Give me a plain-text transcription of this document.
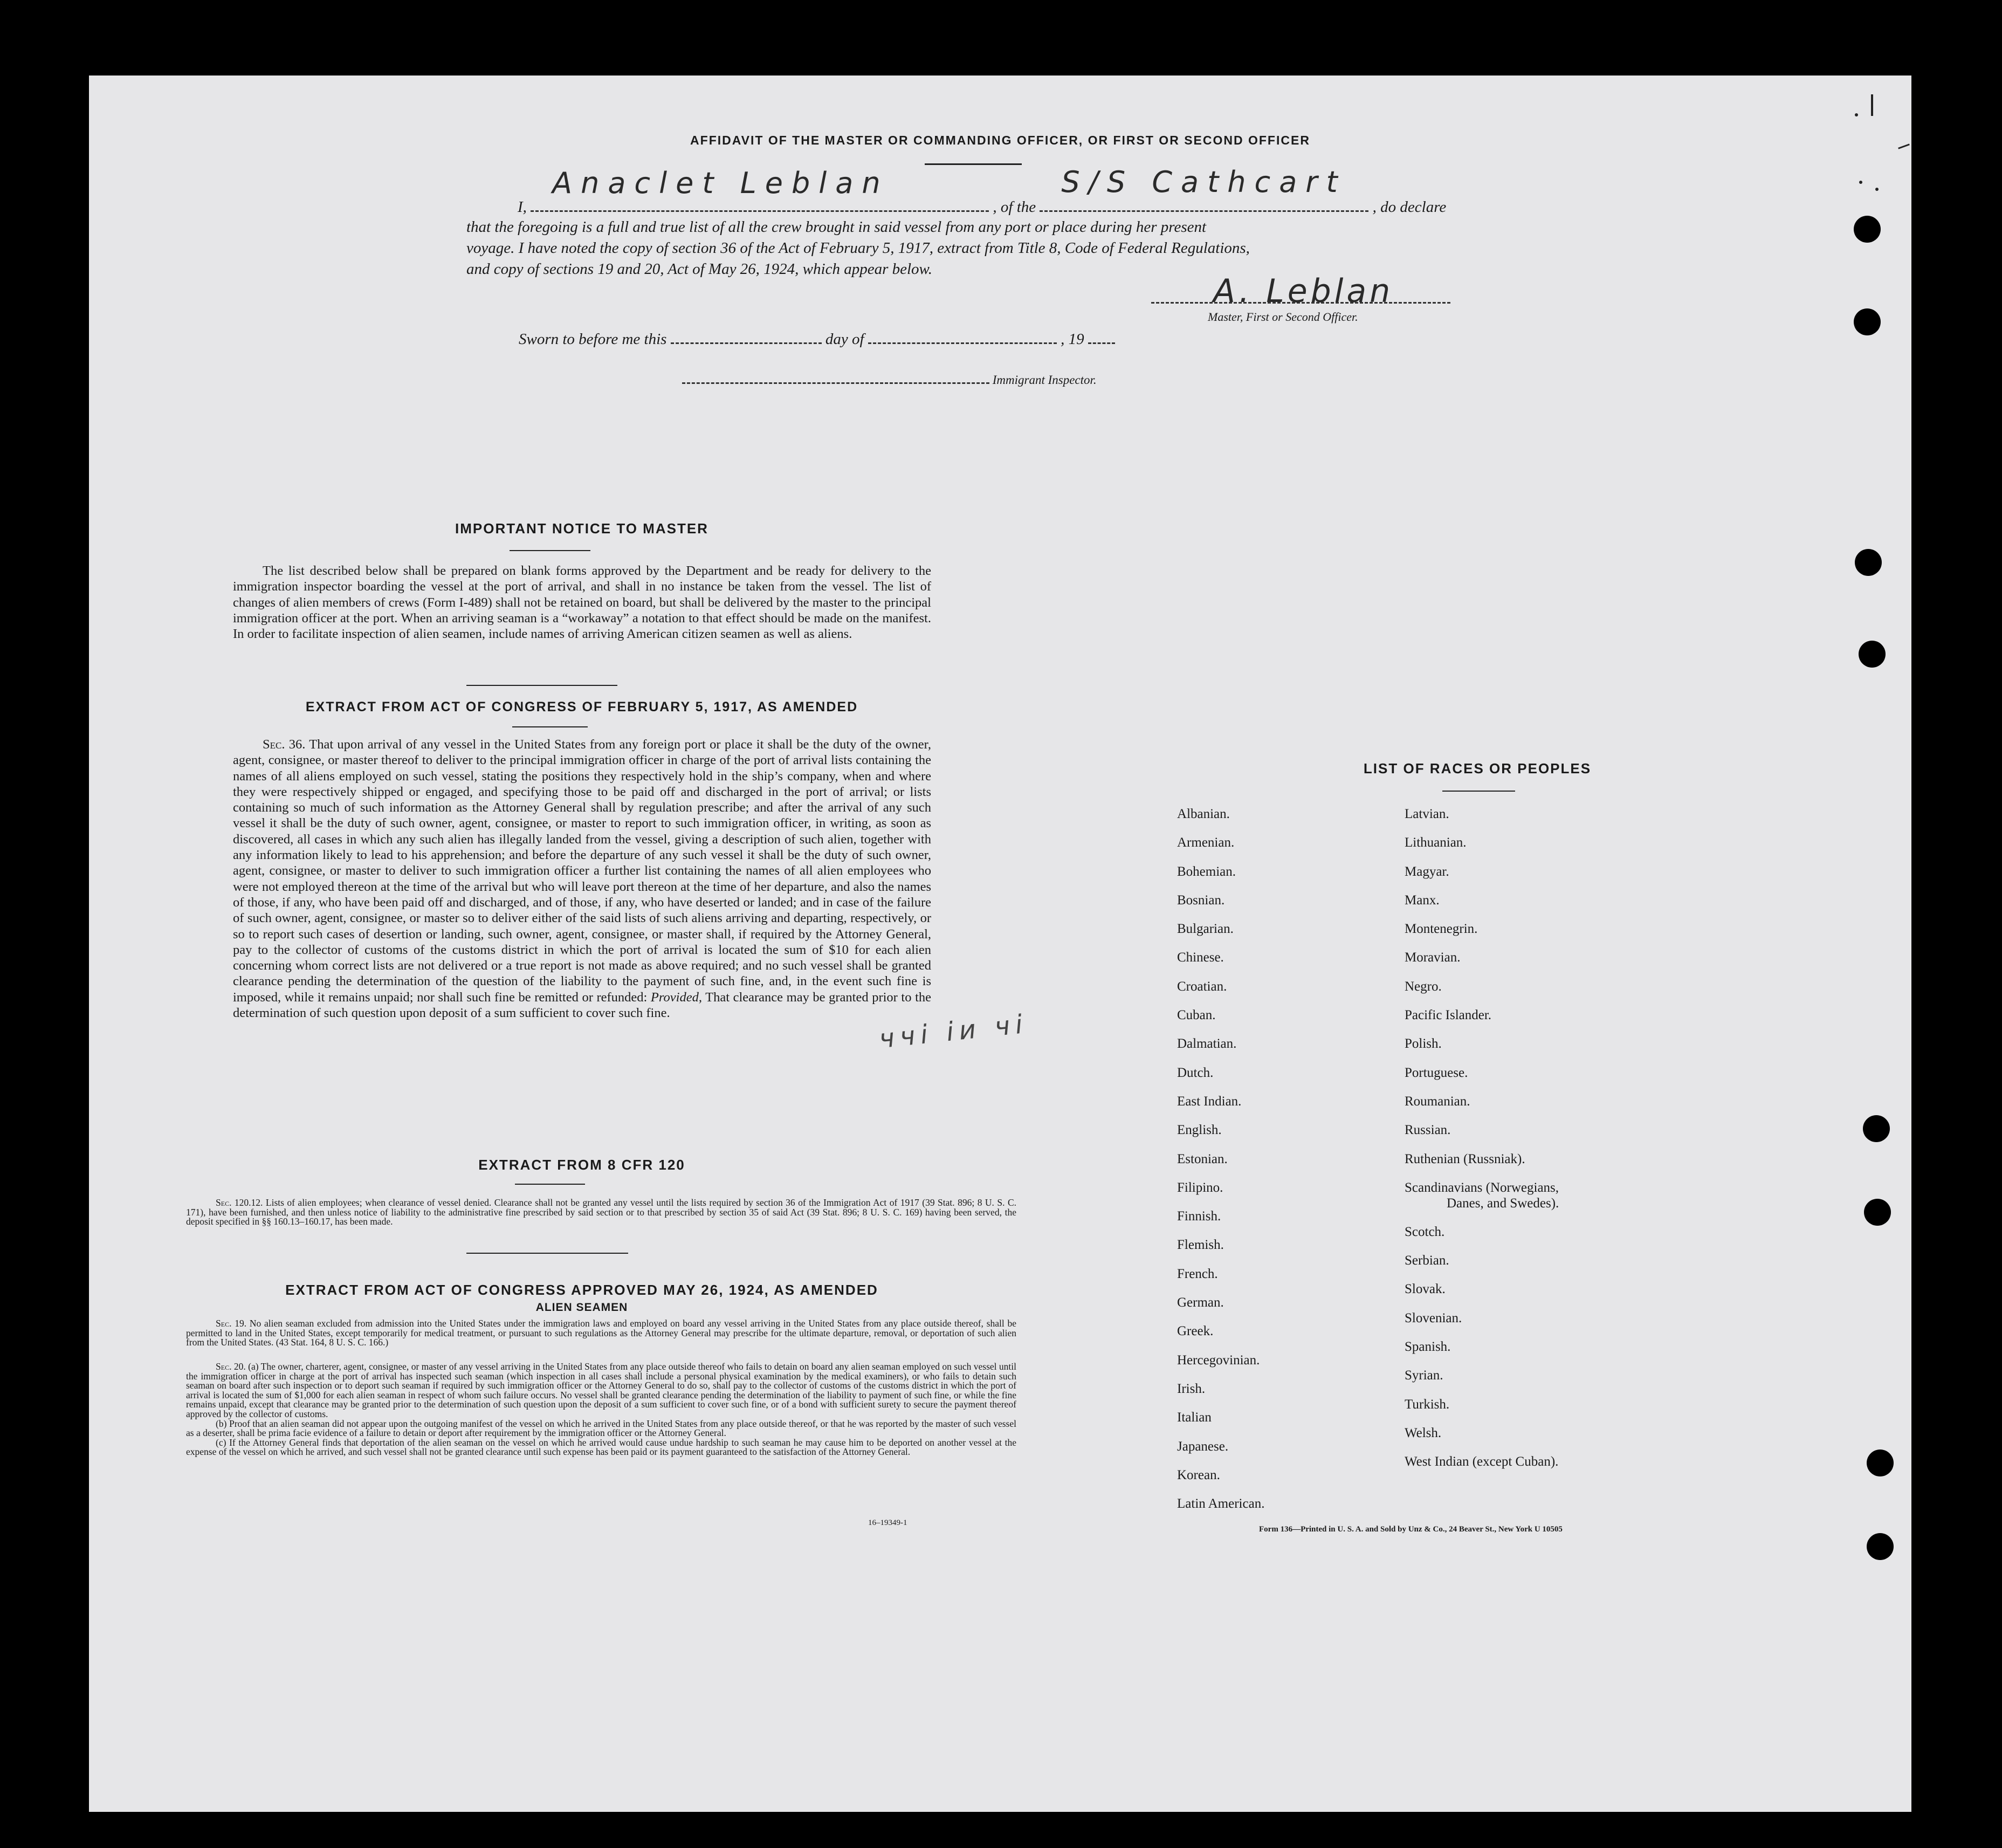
AFFIDAVIT OF THE MASTER OR COMMANDING OFFICER, OR FIRST OR SECOND OFFICER
I,
Anaclet Leblan
, of the
S/S Cathcart
, do declare
that the foregoing is a full and true list of all the crew brought in said vessel from any port or place during her present
voyage. I have noted the copy of section 36 of the Act of February 5, 1917, extract from Title 8, Code of Federal Regulations,
and copy of sections 19 and 20, Act of May 26, 1924, which appear below.
A. Leblan
Master, First or Second Officer.
Sworn to before me this	day of	, 19
Immigrant Inspector.
IMPORTANT NOTICE TO MASTER
The list described below shall be prepared on blank forms approved by the Department and be ready for delivery to the immigration inspector boarding the vessel at the port of arrival, and shall in no instance be taken from the vessel. The list of changes of alien members of crews (Form I-489) shall not be retained on board, but shall be delivered by the master to the principal immigration officer at the port. When an arriving seaman is a “workaway” a notation to that effect should be made on the manifest. In order to facilitate inspection of alien seamen, include names of arriving American citizen seamen as well as aliens.
EXTRACT FROM ACT OF CONGRESS OF FEBRUARY 5, 1917, AS AMENDED
Sec. 36. That upon arrival of any vessel in the United States from any foreign port or place it shall be the duty of the owner, agent, consignee, or master thereof to deliver to the principal immigration officer in charge of the port of arrival lists containing the names of all aliens employed on such vessel, stating the positions they respectively hold in the ship’s company, when and where they were respectively shipped or engaged, and specifying those to be paid off and discharged in the port of arrival; or lists containing so much of such information as the Attorney General shall by regulation prescribe; and after the arrival of any such vessel it shall be the duty of such owner, agent, consignee, or master to report to such immigration officer, in writing, as soon as discovered, all cases in which any such alien has illegally landed from the vessel, giving a description of such alien, together with any information likely to lead to his apprehension; and before the departure of any such vessel it shall be the duty of such owner, agent, consignee, or master to deliver to such immigration officer a further list containing the names of all alien employees who were not employed thereon at the time of the arrival but who will leave port thereon at the time of her departure, and also the names of those, if any, who have been paid off and discharged, and of those, if any, who have deserted or landed; and in case of the failure of such owner, agent, consignee, or master so to deliver either of the said lists of such aliens arriving and departing, respectively, or so to report such cases of desertion or landing, such owner, agent, consignee, or master shall, if required by the Attorney General, pay to the collector of customs of the customs district in which the port of arrival is located the sum of $10 for each alien concerning whom correct lists are not delivered or a true report is not made as above required; and no such vessel shall be granted clearance pending the determination of the question of the liability to the payment of such fine, and, in the event such fine is imposed, while it remains unpaid; nor shall such fine be remitted or refunded: Provided, That clearance may be granted prior to the determination of such question upon deposit of a sum sufficient to cover such fine.
EXTRACT FROM 8 CFR 120
Sec. 120.12. Lists of alien employees; when clearance of vessel denied. Clearance shall not be granted any vessel until the lists required by section 36 of the Immigration Act of 1917 (39 Stat. 896; 8 U. S. C. 171), have been furnished, and then unless notice of liability to the administrative fine prescribed by said section or to that prescribed by section 35 of said Act (39 Stat. 896; 8 U. S. C. 169) having been served, the deposit specified in §§ 160.13–160.17, has been made.
EXTRACT FROM ACT OF CONGRESS APPROVED MAY 26, 1924, AS AMENDED
ALIEN SEAMEN
Sec. 19. No alien seaman excluded from admission into the United States under the immigration laws and employed on board any vessel arriving in the United States from any place outside thereof, shall be permitted to land in the United States, except temporarily for medical treatment, or pursuant to such regulations as the Attorney General may prescribe for the ultimate departure, removal, or deportation of such alien from the United States. (43 Stat. 164, 8 U. S. C. 166.)
Sec. 20. (a) The owner, charterer, agent, consignee, or master of any vessel arriving in the United States from any place outside thereof who fails to detain on board any alien seaman employed on such vessel until the immigration officer in charge at the port of arrival has inspected such seaman (which inspection in all cases shall include a personal physical examination by the medical examiners), or who fails to detain such seaman on board after such inspection or to deport such seaman if required by such immigration officer or the Attorney General to do so, shall pay to the collector of customs of the customs district in which the port of arrival is located the sum of $1,000 for each alien seaman in respect of whom such failure occurs. No vessel shall be granted clearance pending the determination of the liability to payment of such fine, or while the fine remains unpaid, except that clearance may be granted prior to the determination of such question upon the deposit of a sum sufficient to cover such fine, or of a bond with sufficient surety to secure the payment thereof approved by the collector of customs.
(b) Proof that an alien seaman did not appear upon the outgoing manifest of the vessel on which he arrived in the United States from any place outside thereof, or that he was reported by the master of such vessel as a deserter, shall be prima facie evidence of a failure to detain or deport after requirement by the immigration officer or the Attorney General.
(c) If the Attorney General finds that deportation of the alien seaman on the vessel on which he arrived would cause undue hardship to such seaman he may cause him to be deported on another vessel at the expense of the vessel on which he arrived, and such vessel shall not be granted clearance until such expense has been paid or its payment guaranteed to the satisfaction of the Attorney General.
16–19349-1
ччі іи чі
LIST OF RACES OR PEOPLES
Albanian.
Armenian.
Bohemian.
Bosnian.
Bulgarian.
Chinese.
Croatian.
Cuban.
Dalmatian.
Dutch.
East Indian.
English.
Estonian.
Filipino.
Finnish.
Flemish.
French.
German.
Greek.
Hercegovinian.
Irish.
Italian
Japanese.
Korean.
Latin American.
Latvian.
Lithuanian.
Magyar.
Manx.
Montenegrin.
Moravian.
Negro.
Pacific Islander.
Polish.
Portuguese.
Roumanian.
Russian.
Ruthenian (Russniak).
Scandinavians (Norwegians,
Danes, and Swedes).
Scotch.
Serbian.
Slovak.
Slovenian.
Spanish.
Syrian.
Turkish.
Welsh.
West Indian (except Cuban).
Form 136—Printed in U. S. A. and Sold by Unz & Co., 24 Beaver St., New York U 10505
